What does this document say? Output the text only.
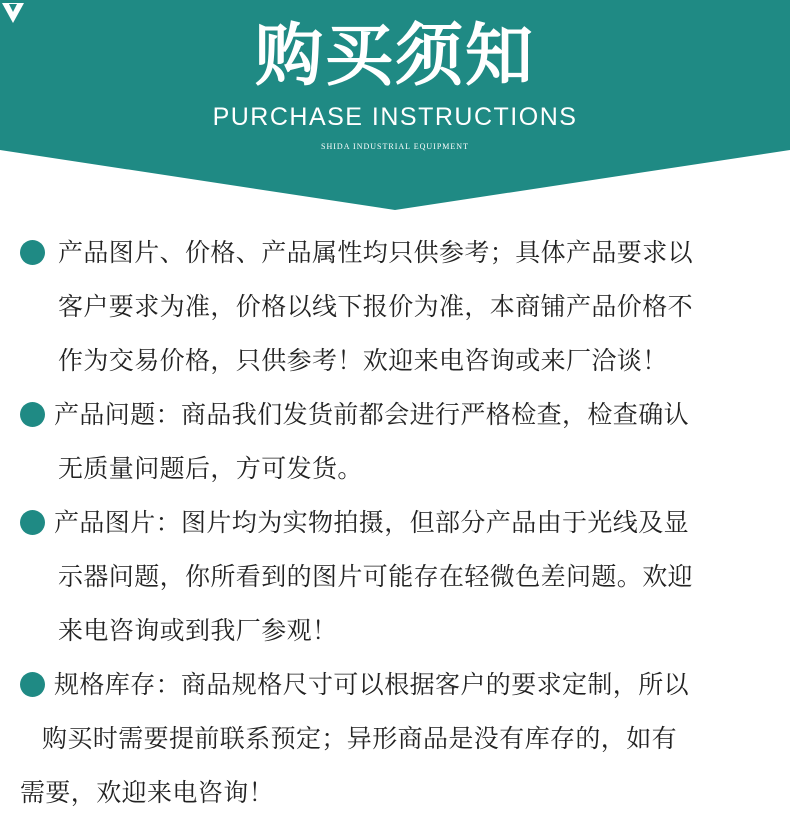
购买须知
PURCHASE INSTRUCTIONS
SHIDA INDUSTRIAL EQUIPMENT
产品图片、价格、产品属性均只供参考；具体产品要求以
客户要求为准，价格以线下报价为准，本商铺产品价格不
作为交易价格，只供参考！欢迎来电咨询或来厂洽谈！
产品问题：商品我们发货前都会进行严格检查，检查确认
无质量问题后，方可发货。
产品图片：图片均为实物拍摄，但部分产品由于光线及显
示器问题，你所看到的图片可能存在轻微色差问题。欢迎
来电咨询或到我厂参观！
规格库存：商品规格尺寸可以根据客户的要求定制，所以
购买时需要提前联系预定；异形商品是没有库存的，如有
需要，欢迎来电咨询！
